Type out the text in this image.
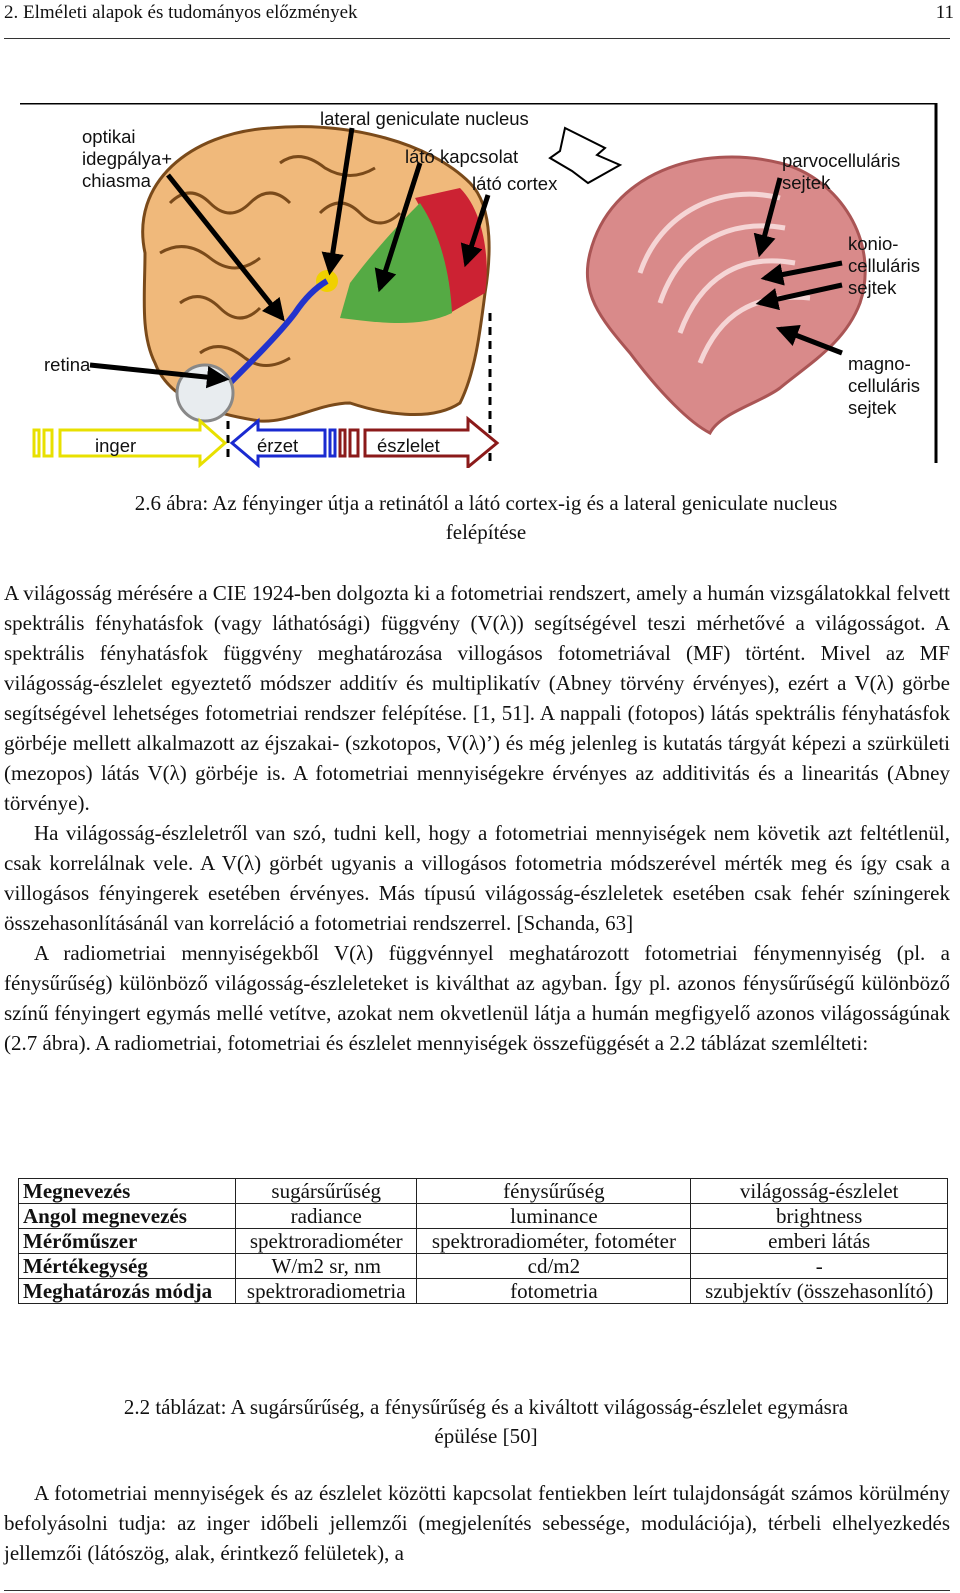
2. Elméleti alapok és tudományos előzmények	11
optikai
idegpálya+
chiasma
lateral geniculate nucleus
látó kapcsolat
látó cortex
retina
parvocelluláris
sejtek
konio-
celluláris
sejtek
magno-
celluláris
sejtek
inger	érzet	észlelet
2.6 ábra: Az fényinger útja a retinától a látó cortex-ig és a lateral geniculate nucleus
felépítése

A világosság mérésére a CIE 1924-ben dolgozta ki a fotometriai rendszert, amely a humán vizsgálatokkal felvett spektrális fényhatásfok (vagy láthatósági) függvény (V(λ)) segítségével teszi mérhetővé a világosságot. A spektrális fényhatásfok függvény meghatározása villogásos fotometriával (MF) történt. Mivel az MF világosság-észlelet egyeztető módszer additív és multiplikatív (Abney törvény érvényes), ezért a V(λ) görbe segítségével lehetséges fotometriai rendszer felépítése. [1, 51]. A nappali (fotopos) látás spektrális fényhatásfok görbéje mellett alkalmazott az éjszakai- (szkotopos, V(λ)’) és még jelenleg is kutatás tárgyát képezi a szürkületi (mezopos) látás V(λ) görbéje is. A fotometriai mennyiségekre érvényes az additivitás és a linearitás (Abney törvénye).

Ha világosság-észleletről van szó, tudni kell, hogy a fotometriai mennyiségek nem követik azt feltétlenül, csak korrelálnak vele. A V(λ) görbét ugyanis a villogásos fotometria módszerével mérték meg és így csak a villogásos fényingerek esetében érvényes. Más típusú világosság-észleletek esetében csak fehér színingerek összehasonlításánál van korreláció a fotometriai rendszerrel. [Schanda, 63]

A radiometriai mennyiségekből V(λ) függvénnyel meghatározott fotometriai fénymennyiség (pl. a fénysűrűség) különböző világosság-észleleteket is kiválthat az agyban. Így pl. azonos fénysűrűségű különböző színű fényingert egymás mellé vetítve, azokat nem okvetlenül látja a humán megfigyelő azonos világosságúnak (2.7 ábra). A radiometriai, fotometriai és észlelet mennyiségek összefüggését a 2.2 táblázat szemlélteti:

Megnevezés	sugársűrűség	fénysűrűség	világosság-észlelet
Angol megnevezés	radiance	luminance	brightness
Mérőműszer	spektroradiométer	spektroradiométer, fotométer	emberi látás
Mértékegység	W/m2 sr, nm	cd/m2	-
Meghatározás módja	spektroradiometria	fotometria	szubjektív (összehasonlító)
2.2 táblázat: A sugársűrűség, a fénysűrűség és a kiváltott világosság-észlelet egymásra
épülése [50]
A fotometriai mennyiségek és az észlelet közötti kapcsolat fentiekben leírt tulajdonságát számos körülmény befolyásolni tudja: az inger időbeli jellemzői (megjelenítés sebessége, modulációja), térbeli elhelyezkedés jellemzői (látószög, alak, érintkező felületek), a
